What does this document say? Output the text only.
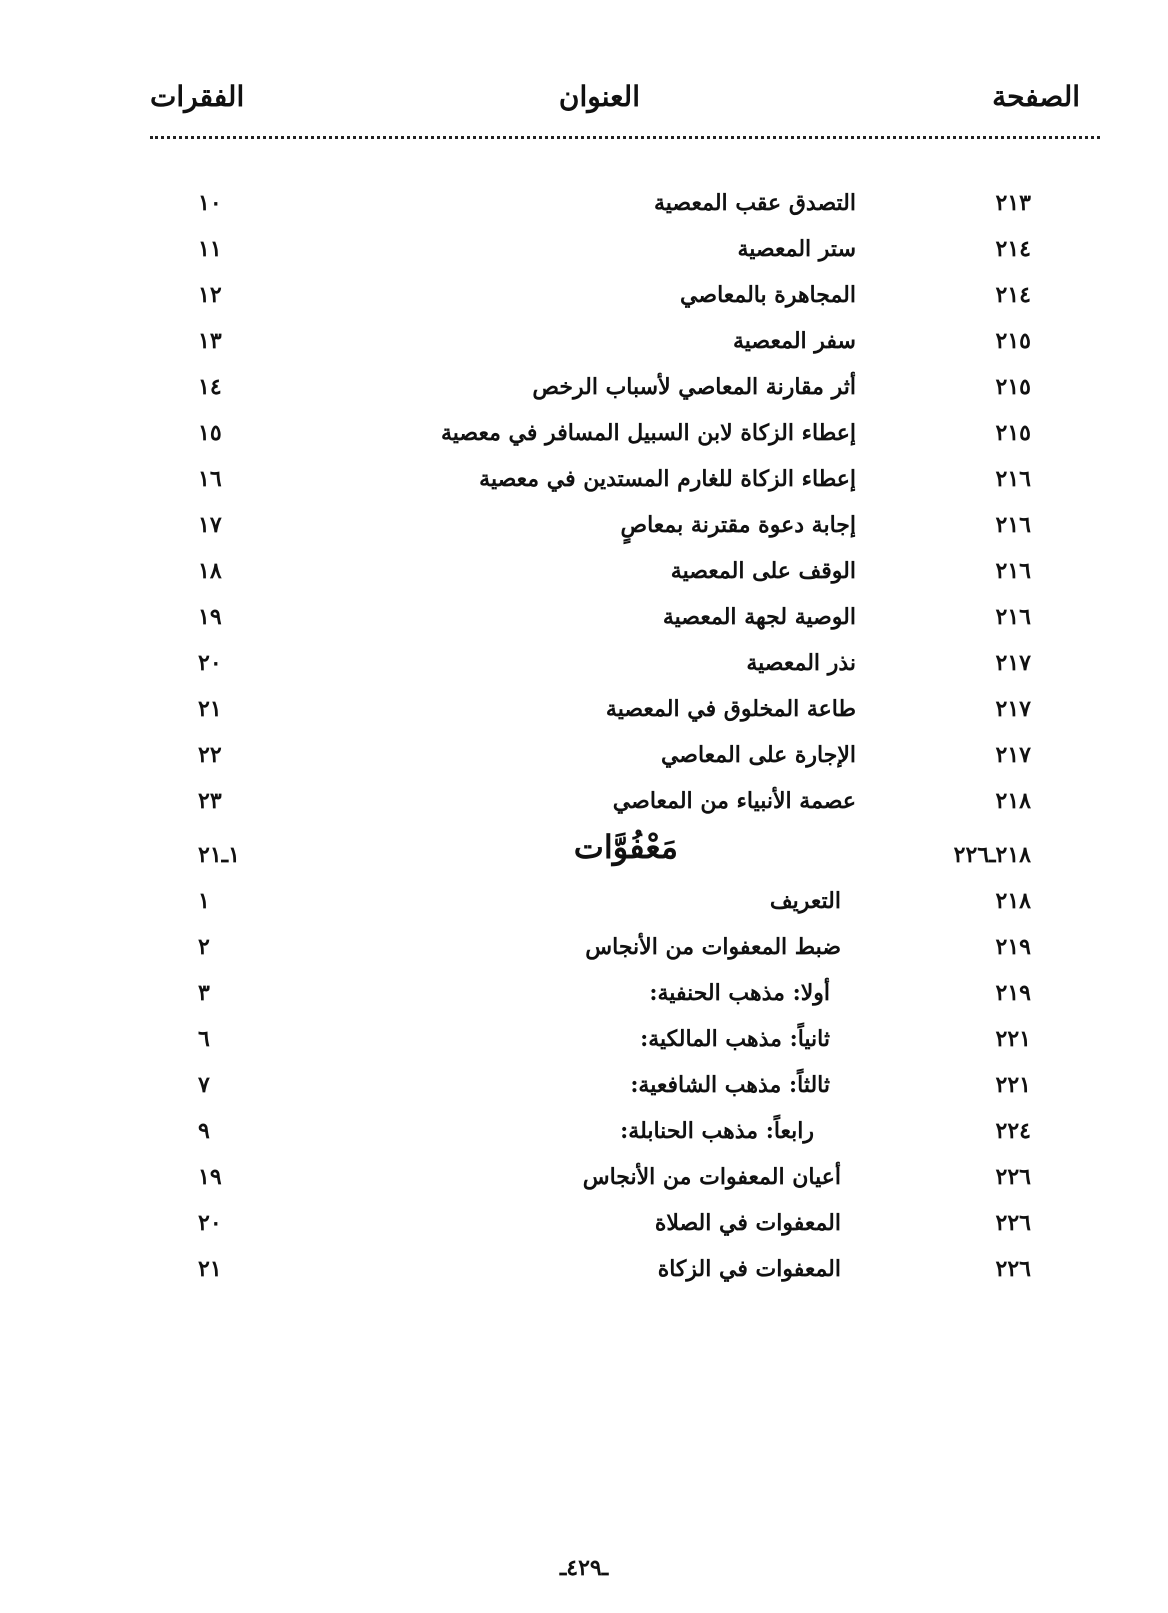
الصفحة
العنوان
الفقرات
٢١٣
التصدق عقب المعصية
١٠
٢١٤
ستر المعصية
١١
٢١٤
المجاهرة بالمعاصي
١٢
٢١٥
سفر المعصية
١٣
٢١٥
أثر مقارنة المعاصي لأسباب الرخص
١٤
٢١٥
إعطاء الزكاة لابن السبيل المسافر في معصية
١٥
٢١٦
إعطاء الزكاة للغارم المستدين في معصية
١٦
٢١٦
إجابة دعوة مقترنة بمعاصٍ
١٧
٢١٦
الوقف على المعصية
١٨
٢١٦
الوصية لجهة المعصية
١٩
٢١٧
نذر المعصية
٢٠
٢١٧
طاعة المخلوق في المعصية
٢١
٢١٧
الإجارة على المعاصي
٢٢
٢١٨
عصمة الأنبياء من المعاصي
٢٣
٢١٨ـ٢٢٦
مَعْفُوَّات
١ـ٢١
٢١٨
التعريف
١
٢١٩
ضبط المعفوات من الأنجاس
٢
٢١٩
أولا: مذهب الحنفية:
٣
٢٢١
ثانياً: مذهب المالكية:
٦
٢٢١
ثالثاً: مذهب الشافعية:
٧
٢٢٤
رابعاً: مذهب الحنابلة:
٩
٢٢٦
أعيان المعفوات من الأنجاس
١٩
٢٢٦
المعفوات في الصلاة
٢٠
٢٢٦
المعفوات في الزكاة
٢١
ـ٤٢٩ـ
